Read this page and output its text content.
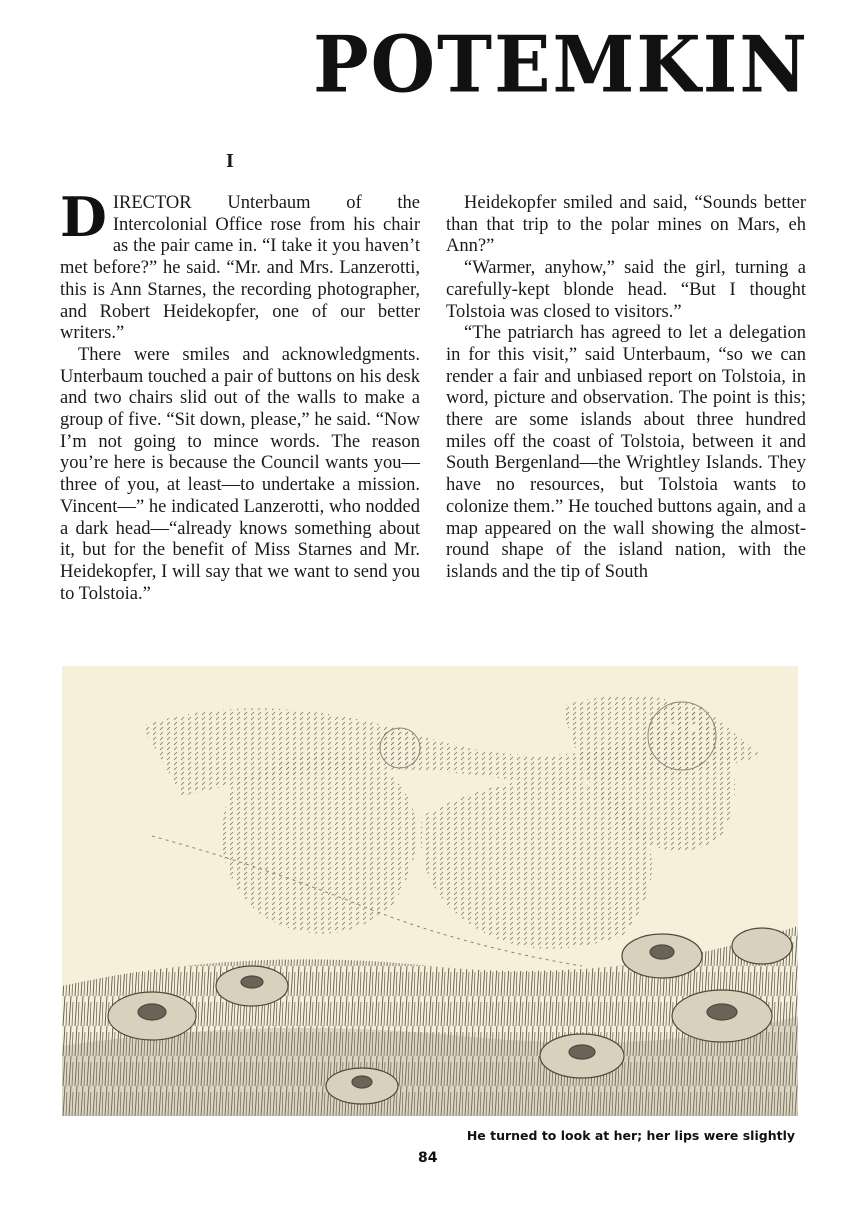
POTEMKIN
I

DIRECTOR Unterbaum of the Intercolonial Office rose from his chair as the pair came in. “I take it you haven’t met before?” he said. “Mr. and Mrs. Lanzerotti, this is Ann Starnes, the recording photographer, and Robert Heidekopfer, one of our better writers.”

There were smiles and acknowledgments. Unterbaum touched a pair of buttons on his desk and two chairs slid out of the walls to make a group of five. “Sit down, please,” he said. “Now I’m not going to mince words. The reason you’re here is because the Council wants you—three of you, at least—to undertake a mission. Vincent—” he indicated Lanzerotti, who nodded a dark head—“already knows something about it, but for the benefit of Miss Starnes and Mr. Heidekopfer, I will say that we want to send you to Tolstoia.”

Heidekopfer smiled and said, “Sounds better than that trip to the polar mines on Mars, eh Ann?”

“Warmer, anyhow,” said the girl, turning a carefully-kept blonde head. “But I thought Tolstoia was closed to visitors.”

“The patriarch has agreed to let a delegation in for this visit,” said Unterbaum, “so we can render a fair and unbiased report on Tolstoia, in word, picture and observation. The point is this; there are some islands about three hundred miles off the coast of Tolstoia, between it and South Bergenland—the Wrightley Islands. They have no resources, but Tolstoia wants to colonize them.” He touched buttons again, and a map appeared on the wall showing the almost-round shape of the island nation, with the islands and the tip of South

He turned to look at her; her lips were slightly
84
